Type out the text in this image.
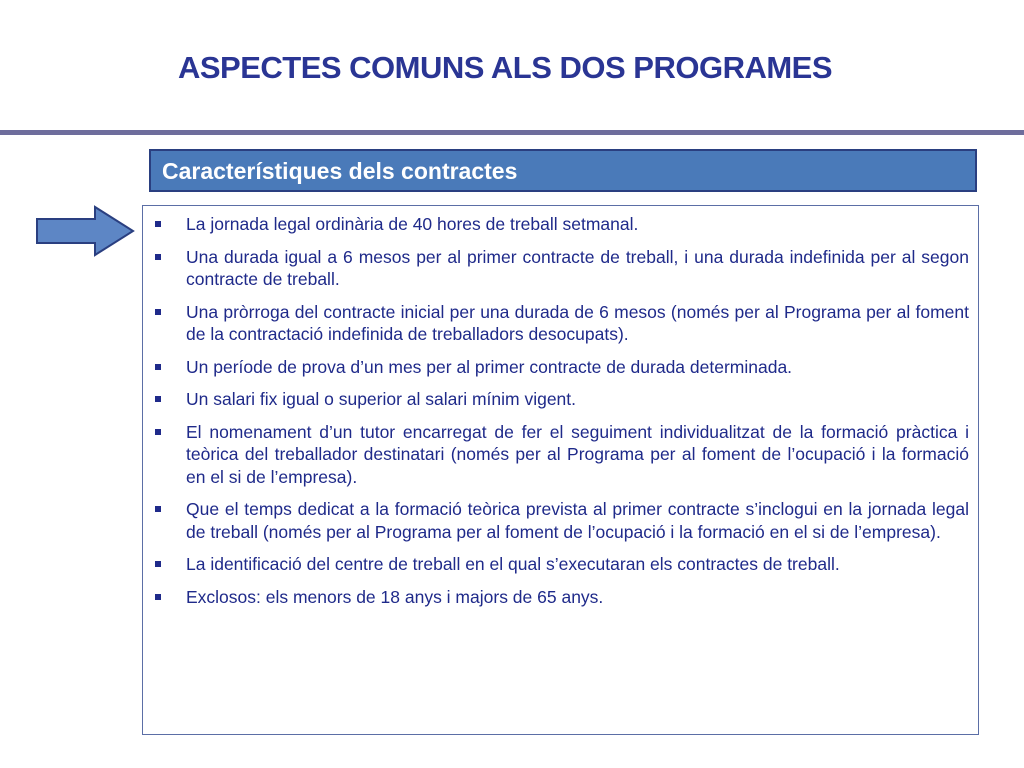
ASPECTES COMUNS ALS DOS PROGRAMES
Característiques dels contractes
La jornada legal ordinària de 40 hores de treball setmanal.
Una durada igual a 6 mesos per al primer contracte de treball, i una durada indefinida per al segon contracte de treball.
Una pròrroga del contracte inicial per una durada de 6 mesos (només per al Programa per al foment de la contractació indefinida de treballadors desocupats).
Un període de prova d’un mes per al primer contracte de durada determinada.
Un salari fix igual o superior al salari mínim vigent.
El nomenament d’un tutor encarregat de fer el seguiment individualitzat de la formació pràctica i teòrica del treballador destinatari (només per al Programa per al foment de l’ocupació i la formació en el si de l’empresa).
Que el temps dedicat a la formació teòrica prevista al primer contracte s’inclogui en la jornada legal de treball (només per al Programa per al foment de l’ocupació i la formació en el si de l’empresa).
La identificació del centre de treball en el qual s’executaran els contractes de treball.
Exclosos: els menors de 18 anys i majors de 65 anys.
